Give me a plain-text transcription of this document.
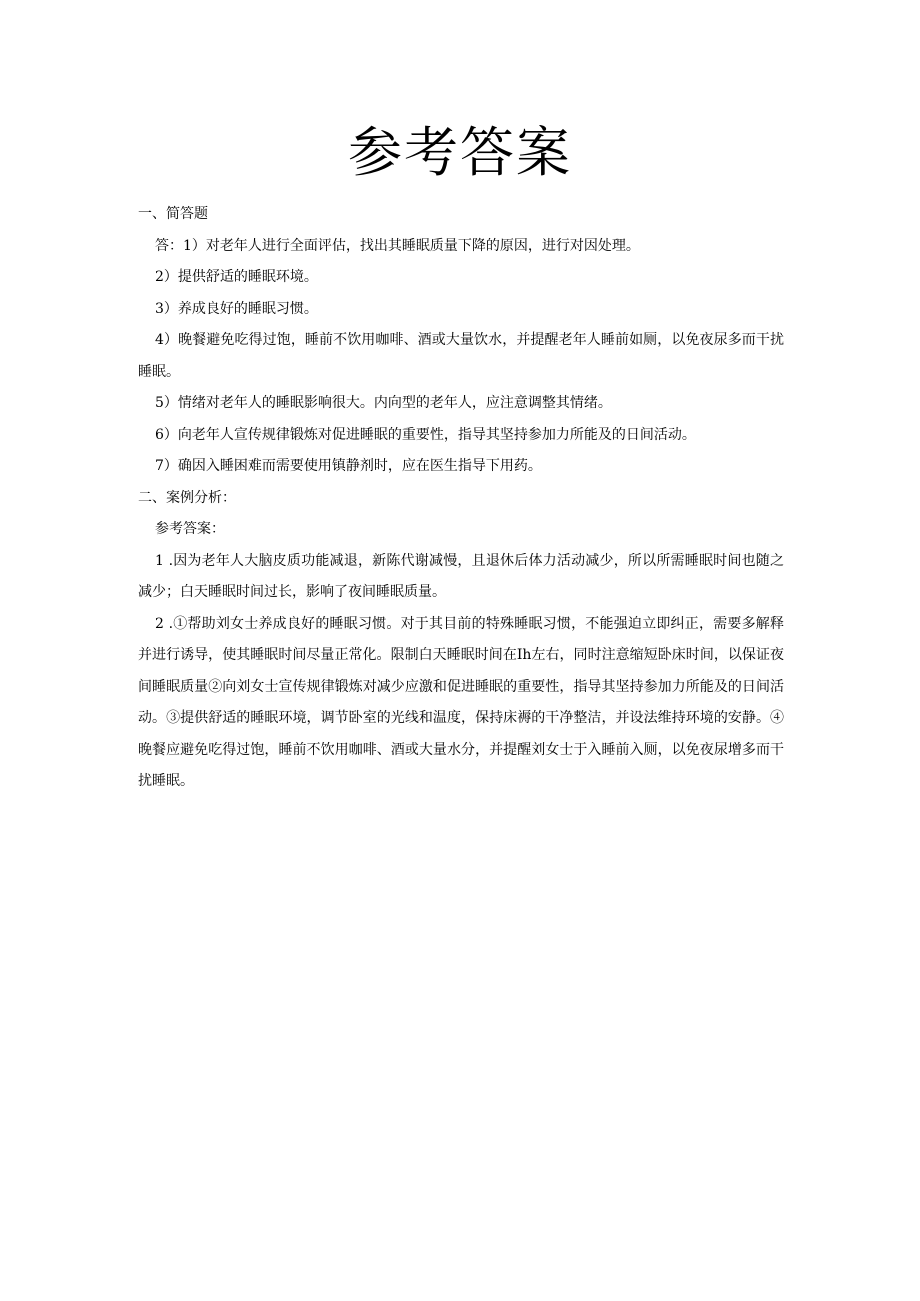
参考答案

一、简答题

答：1）对老年人进行全面评估，找出其睡眠质量下降的原因，进行对因处理。

2）提供舒适的睡眠环境。

3）养成良好的睡眠习惯。

4）晚餐避免吃得过饱，睡前不饮用咖啡、酒或大量饮水，并提醒老年人睡前如厕，以免夜尿多而干扰睡眠。

5）情绪对老年人的睡眠影响很大。内向型的老年人，应注意调整其情绪。

6）向老年人宣传规律锻炼对促进睡眠的重要性，指导其坚持参加力所能及的日间活动。

7）确因入睡困难而需要使用镇静剂时，应在医生指导下用药。

二、案例分析：

参考答案：

1 .因为老年人大脑皮质功能减退，新陈代谢减慢，且退休后体力活动减少，所以所需睡眠时间也随之减少；白天睡眠时间过长，影响了夜间睡眠质量。

2 .①帮助刘女士养成良好的睡眠习惯。对于其目前的特殊睡眠习惯，不能强迫立即纠正，需要多解释并进行诱导，使其睡眠时间尽量正常化。限制白天睡眠时间在Ih左右，同时注意缩短卧床时间，以保证夜间睡眠质量②向刘女士宣传规律锻炼对减少应激和促进睡眠的重要性，指导其坚持参加力所能及的日间活动。③提供舒适的睡眠环境，调节卧室的光线和温度，保持床褥的干净整洁，并设法维持环境的安静。④晚餐应避免吃得过饱，睡前不饮用咖啡、酒或大量水分，并提醒刘女士于入睡前入厕，以免夜尿增多而干扰睡眠。
